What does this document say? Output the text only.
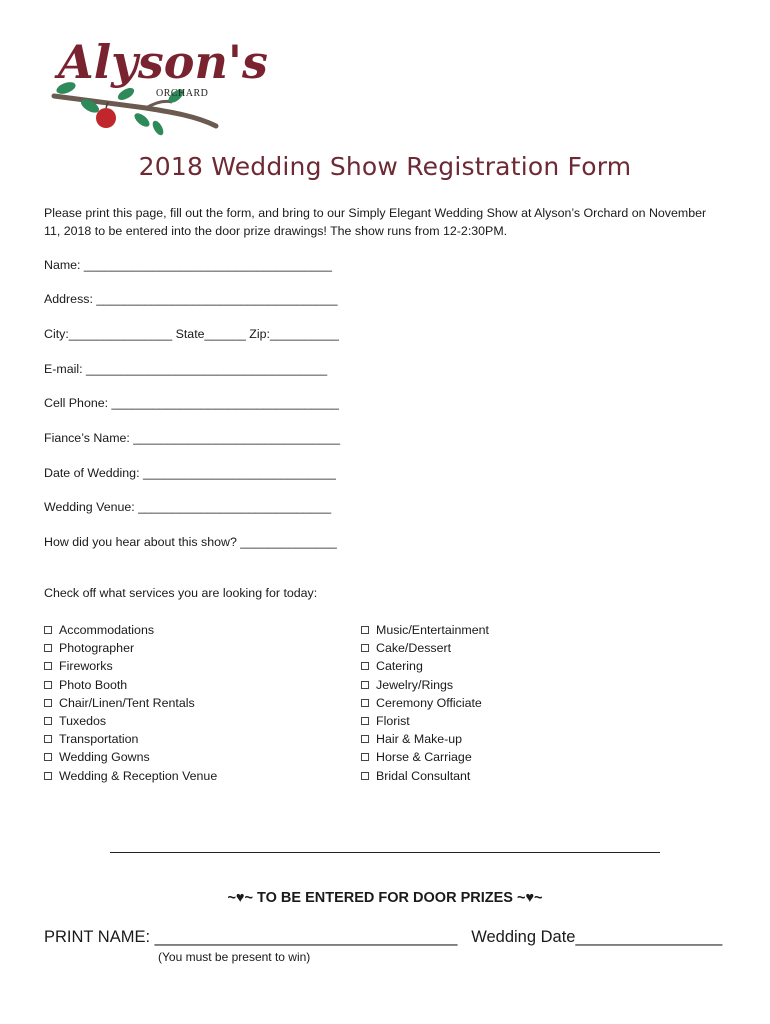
Alyson's
ORCHARD
2018 Wedding Show Registration Form
Please print this page, fill out the form, and bring to our Simply Elegant Wedding Show at Alyson’s Orchard on November 11, 2018 to be entered into the door prize drawings! The show runs from 12-2:30PM.
Name: ____________________________________
Address: ___________________________________
City:_______________ State______ Zip:__________
E-mail: ___________________________________
Cell Phone: _________________________________
Fiance’s Name: ______________________________
Date of Wedding: ____________________________
Wedding Venue: ____________________________
How did you hear about this show? ______________
Check off what services you are looking for today:
Accommodations
Photographer
Fireworks
Photo Booth
Chair/Linen/Tent Rentals
Tuxedos
Transportation
Wedding Gowns
Wedding & Reception Venue
Music/Entertainment
Cake/Dessert
Catering
Jewelry/Rings
Ceremony Officiate
Florist
Hair & Make-up
Horse & Carriage
Bridal Consultant
~♥~ TO BE ENTERED FOR DOOR PRIZES ~♥~
PRINT NAME: _________________________________   Wedding Date________________
(You must be present to win)
